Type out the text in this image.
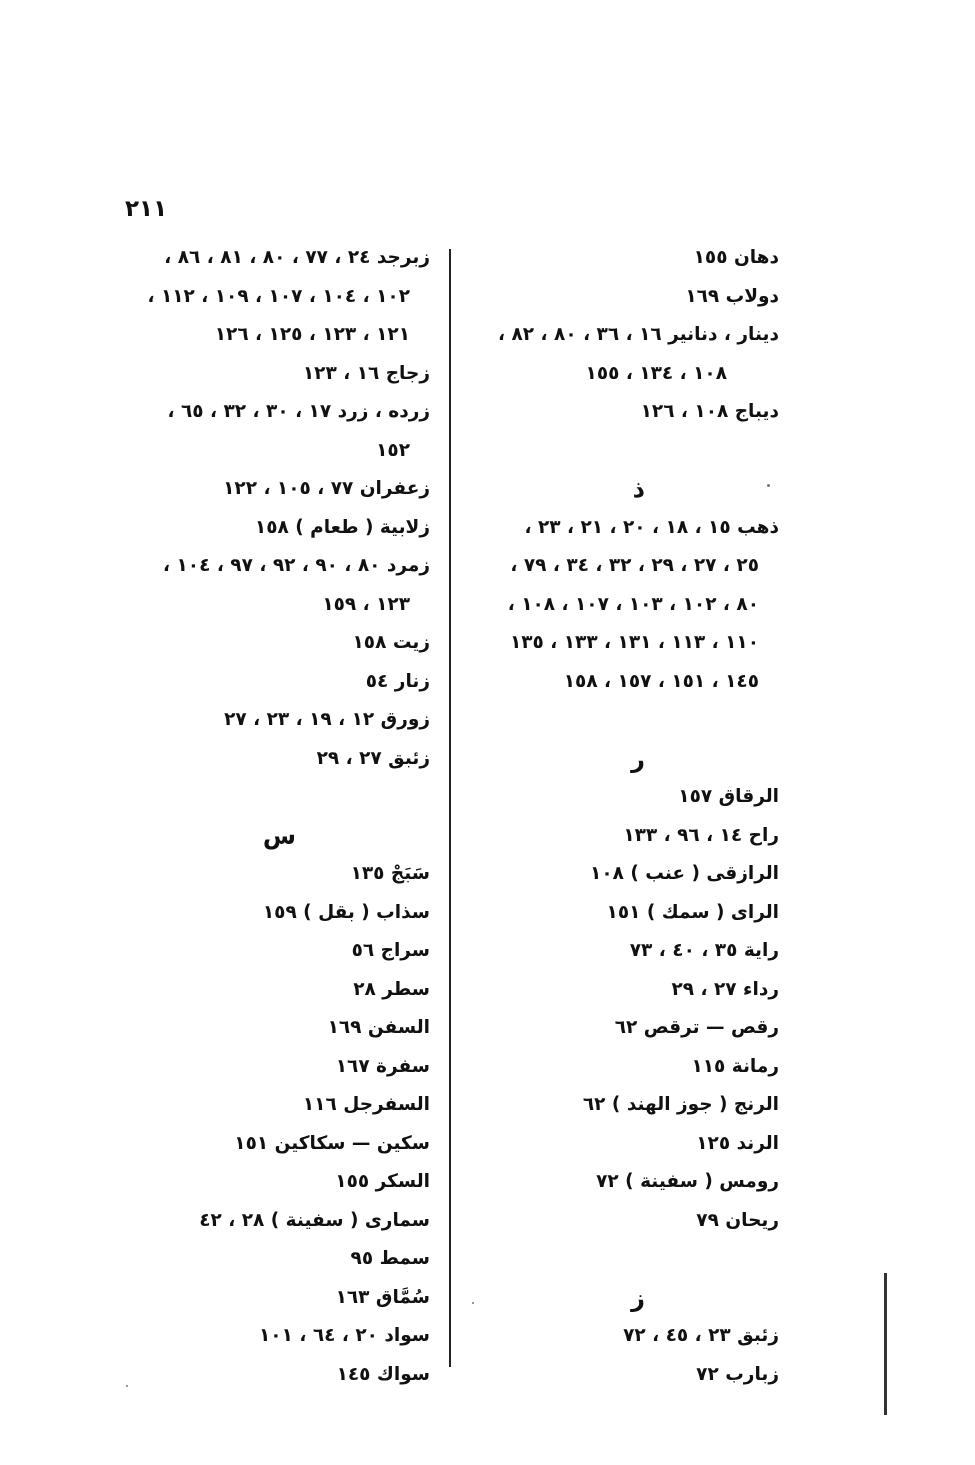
٢١١
دهان ١٥٥
دولاب ١٦٩
دينار ، دنانير ١٦ ، ٣٦ ، ٨٠ ، ٨٢ ،
١٠٨ ، ١٣٤ ، ١٥٥
ديباج ١٠٨ ، ١٢٦
ذ
ذهب ١٥ ، ١٨ ، ٢٠ ، ٢١ ، ٢٣ ،
٢٥ ، ٢٧ ، ٢٩ ، ٣٢ ، ٣٤ ، ٧٩ ،
٨٠ ، ١٠٢ ، ١٠٣ ، ١٠٧ ، ١٠٨ ،
١١٠ ، ١١٣ ، ١٣١ ، ١٣٣ ، ١٣٥
١٤٥ ، ١٥١ ، ١٥٧ ، ١٥٨
ر
الرقاق ١٥٧
راح ١٤ ، ٩٦ ، ١٣٣
الرازقى ( عنب ) ١٠٨
الراى ( سمك ) ١٥١
راية ٣٥ ، ٤٠ ، ٧٣
رداء ٢٧ ، ٢٩
رقص — ترقص ٦٢
رمانة ١١٥
الرنج ( جوز الهند ) ٦٢
الرند ١٢٥
رومس ( سفينة ) ٧٢
ريحان ٧٩
ز
زئبق ٢٣ ، ٤٥ ، ٧٢
زبارب ٧٢
زبرجد ٢٤ ، ٧٧ ، ٨٠ ، ٨١ ، ٨٦ ،
١٠٢ ، ١٠٤ ، ١٠٧ ، ١٠٩ ، ١١٢ ،
١٢١ ، ١٢٣ ، ١٢٥ ، ١٢٦
زجاج ١٦ ، ١٢٣
زرده ، زرد ١٧ ، ٣٠ ، ٣٢ ، ٦٥ ،
١٥٢
زعفران ٧٧ ، ١٠٥ ، ١٢٢
زلابية ( طعام ) ١٥٨
زمرد ٨٠ ، ٩٠ ، ٩٢ ، ٩٧ ، ١٠٤ ،
١٢٣ ، ١٥٩
زيت ١٥٨
زنار ٥٤
زورق ١٢ ، ١٩ ، ٢٣ ، ٢٧
زئبق ٢٧ ، ٢٩
س
سَبَجْ ١٣٥
سذاب ( بقل ) ١٥٩
سراج ٥٦
سطر ٢٨
السفن ١٦٩
سفرة ١٦٧
السفرجل ١١٦
سكين — سكاكين ١٥١
السكر ١٥٥
سمارى ( سفينة ) ٢٨ ، ٤٢
سمط ٩٥
سُمَّاق ١٦٣
سواد ٢٠ ، ٦٤ ، ١٠١
سواك ١٤٥
